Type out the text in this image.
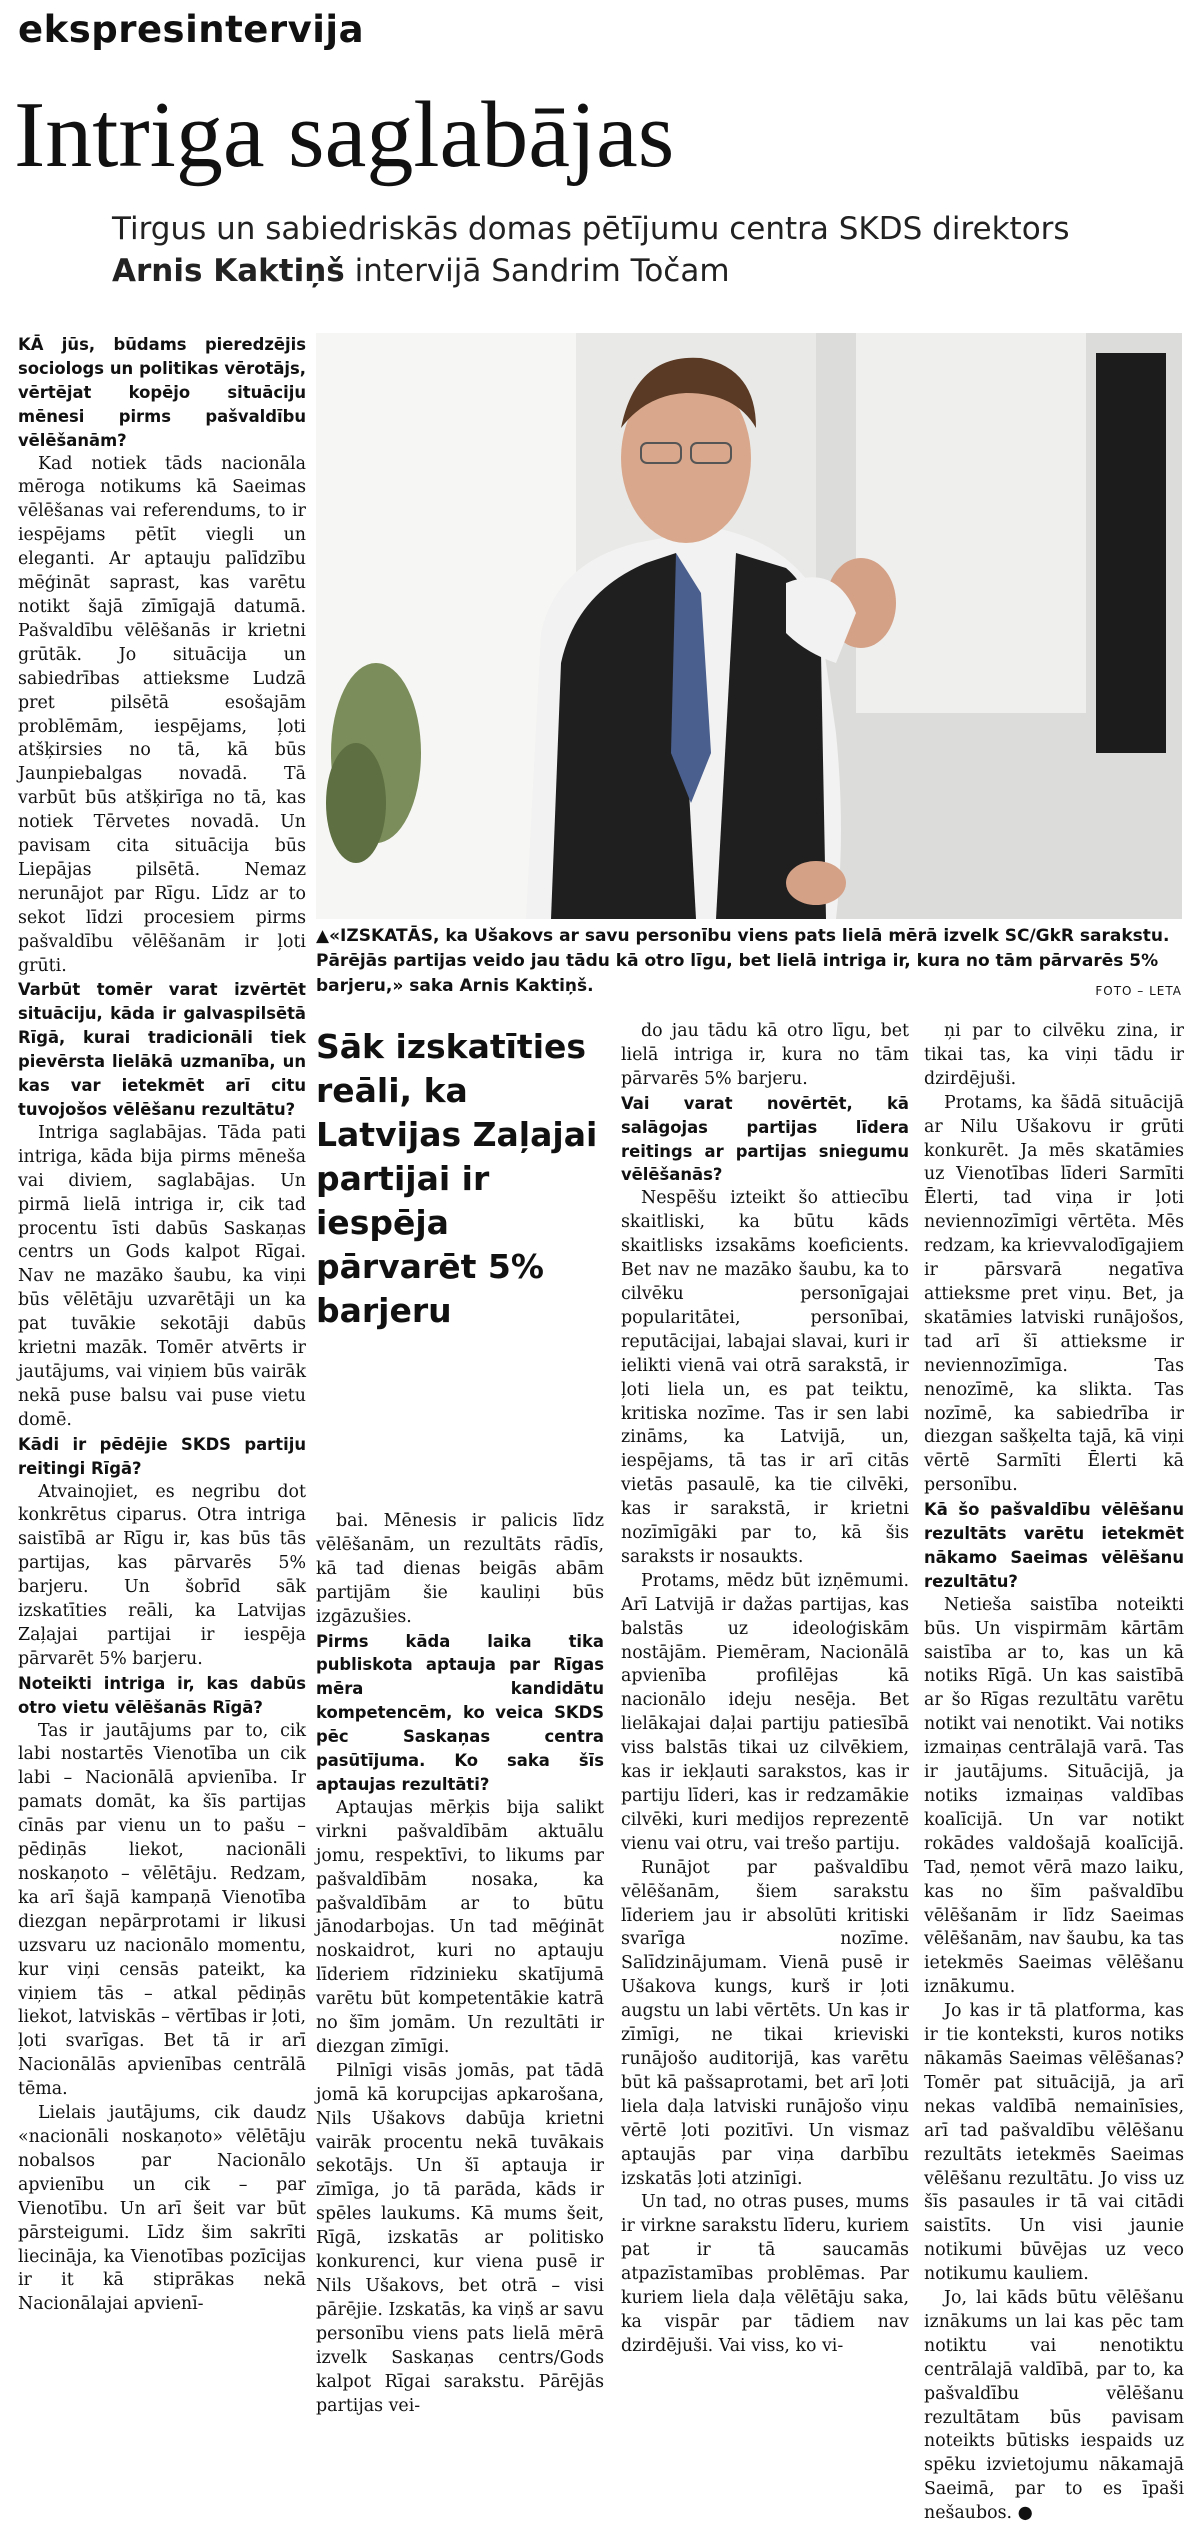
ekspresintervija
Intriga saglabājas
Tirgus un sabiedriskās domas pētījumu centra SKDS direktors
Arnis Kaktiņš intervijā Sandrim Točam
▲«IZSKATĀS, ka Ušakovs ar savu personību viens pats lielā mērā izvelk SC/GkR sarakstu. Pārējās partijas veido jau tādu kā otro līgu, bet lielā intriga ir, kura no tām pārvarēs 5% barjeru,» saka Arnis Kaktiņš.	FOTO – LETA
Sāk izskatīties reāli, ka Latvijas Zaļajai partijai ir iespēja pārvarēt 5% barjeru

KĀ jūs, būdams pieredzējis sociologs un politikas vērotājs, vērtējat kopējo situāciju mēnesi pirms pašvaldību vēlēšanām?

Kad notiek tāds nacionāla mēroga notikums kā Saeimas vēlēšanas vai referendums, to ir iespējams pētīt viegli un eleganti. Ar aptauju palīdzību mēģināt saprast, kas varētu notikt šajā zīmīgajā datumā. Pašvaldību vēlēšanās ir krietni grūtāk. Jo situācija un sabiedrības attieksme Ludzā pret pilsētā esošajām problēmām, iespējams, ļoti atšķirsies no tā, kā būs Jaunpiebalgas novadā. Tā varbūt būs atšķirīga no tā, kas notiek Tērvetes novadā. Un pavisam cita situācija būs Liepājas pilsētā. Nemaz nerunājot par Rīgu. Līdz ar to sekot līdzi procesiem pirms pašvaldību vēlēšanām ir ļoti grūti.

Varbūt tomēr varat izvērtēt situāciju, kāda ir galvaspilsētā Rīgā, kurai tradicionāli tiek pievērsta lielākā uzmanība, un kas var ietekmēt arī citu tuvojošos vēlēšanu rezultātu?

Intriga saglabājas. Tāda pati intriga, kāda bija pirms mēneša vai diviem, saglabājas. Un pirmā lielā intriga ir, cik tad procentu īsti dabūs Saskaņas centrs un Gods kalpot Rīgai. Nav ne mazāko šaubu, ka viņi būs vēlētāju uzvarētāji un ka pat tuvākie sekotāji dabūs krietni mazāk. Tomēr atvērts ir jautājums, vai viņiem būs vairāk nekā puse balsu vai puse vietu domē.

Kādi ir pēdējie SKDS partiju reitingi Rīgā?

Atvainojiet, es negribu dot konkrētus ciparus. Otra intriga saistībā ar Rīgu ir, kas būs tās partijas, kas pārvarēs 5% barjeru. Un šobrīd sāk izskatīties reāli, ka Latvijas Zaļajai partijai ir iespēja pārvarēt 5% barjeru.

Noteikti intriga ir, kas dabūs otro vietu vēlēšanās Rīgā?

Tas ir jautājums par to, cik labi nostartēs Vienotība un cik labi – Nacionālā apvienība. Ir pamats domāt, ka šīs partijas cīnās par vienu un to pašu – pēdiņās liekot, nacionāli noskaņoto – vēlētāju. Redzam, ka arī šajā kampaņā Vienotība diezgan nepārprotami ir likusi uzsvaru uz nacionālo momentu, kur viņi censās pateikt, ka viņiem tās – atkal pēdiņās liekot, latviskās – vērtības ir ļoti, ļoti svarīgas. Bet tā ir arī Nacionālās apvienības centrālā tēma.

Lielais jautājums, cik daudz «nacionāli noskaņoto» vēlētāju nobalsos par Nacionālo apvienību un cik – par Vienotību. Un arī šeit var būt pārsteigumi. Līdz šim sakrīti liecināja, ka Vienotības pozīcijas ir it kā stiprākas nekā Nacionālajai apvienī-

bai. Mēnesis ir palicis līdz vēlēšanām, un rezultāts rādīs, kā tad dienas beigās abām partijām šie kauliņi būs izgāzušies.

Pirms kāda laika tika publiskota aptauja par Rīgas mēra kandidātu kompetencēm, ko veica SKDS pēc Saskaņas centra pasūtījuma. Ko saka šīs aptaujas rezultāti?

Aptaujas mērķis bija salikt virkni pašvaldībām aktuālu jomu, respektīvi, to likums par pašvaldībām nosaka, ka pašvaldībām ar to būtu jānodarbojas. Un tad mēģināt noskaidrot, kuri no aptauju līderiem rīdzinieku skatījumā varētu būt kompetentākie katrā no šīm jomām. Un rezultāti ir diezgan zīmīgi.

Pilnīgi visās jomās, pat tādā jomā kā korupcijas apkarošana, Nils Ušakovs dabūja krietni vairāk procentu nekā tuvākais sekotājs. Un šī aptauja ir zīmīga, jo tā parāda, kāds ir spēles laukums. Kā mums šeit, Rīgā, izskatās ar politisko konkurenci, kur viena pusē ir Nils Ušakovs, bet otrā – visi pārējie. Izskatās, ka viņš ar savu personību viens pats lielā mērā izvelk Saskaņas centrs/Gods kalpot Rīgai sarakstu. Pārējās partijas vei-

do jau tādu kā otro līgu, bet lielā intriga ir, kura no tām pārvarēs 5% barjeru.

Vai varat novērtēt, kā salāgojas partijas līdera reitings ar partijas sniegumu vēlēšanās?

Nespēšu izteikt šo attiecību skaitliski, ka būtu kāds skaitlisks izsakāms koeficients. Bet nav ne mazāko šaubu, ka to cilvēku personīgajai popularitātei, personībai, reputācijai, labajai slavai, kuri ir ielikti vienā vai otrā sarakstā, ir ļoti liela un, es pat teiktu, kritiska nozīme. Tas ir sen labi zināms, ka Latvijā, un, iespējams, tā tas ir arī citās vietās pasaulē, ka tie cilvēki, kas ir sarakstā, ir krietni nozīmīgāki par to, kā šis saraksts ir nosaukts.

Protams, mēdz būt izņēmumi. Arī Latvijā ir dažas partijas, kas balstās uz ideoloģiskām nostājām. Piemēram, Nacionālā apvienība profilējas kā nacionālo ideju nesēja. Bet lielākajai daļai partiju patiesībā viss balstās tikai uz cilvēkiem, kas ir iekļauti sarakstos, kas ir partiju līderi, kas ir redzamākie cilvēki, kuri medijos reprezentē vienu vai otru, vai trešo partiju.

Runājot par pašvaldību vēlēšanām, šiem sarakstu līderiem jau ir absolūti kritiski svarīga nozīme. Salīdzinājumam. Vienā pusē ir Ušakova kungs, kurš ir ļoti augstu un labi vērtēts. Un kas ir zīmīgi, ne tikai krieviski runājošo auditorijā, kas varētu būt kā pašsaprotami, bet arī ļoti liela daļa latviski runājošo viņu vērtē ļoti pozitīvi. Un vismaz aptaujās par viņa darbību izskatās ļoti atzinīgi.

Un tad, no otras puses, mums ir virkne sarakstu līderu, kuriem pat ir tā saucamās atpazīstamības problēmas. Par kuriem liela daļa vēlētāju saka, ka vispār par tādiem nav dzirdējuši. Vai viss, ko vi-

ņi par to cilvēku zina, ir tikai tas, ka viņi tādu ir dzirdējuši.

Protams, ka šādā situācijā ar Nilu Ušakovu ir grūti konkurēt. Ja mēs skatāmies uz Vienotības līderi Sarmīti Ēlerti, tad viņa ir ļoti neviennozīmīgi vērtēta. Mēs redzam, ka krievvalodīgajiem ir pārsvarā negatīva attieksme pret viņu. Bet, ja skatāmies latviski runājošos, tad arī šī attieksme ir neviennozīmīga. Tas nenozīmē, ka slikta. Tas nozīmē, ka sabiedrība ir diezgan sašķelta tajā, kā viņi vērtē Sarmīti Ēlerti kā personību.

Kā šo pašvaldību vēlēšanu rezultāts varētu ietekmēt nākamo Saeimas vēlēšanu rezultātu?

Netieša saistība noteikti būs. Un vispirmām kārtām saistība ar to, kas un kā notiks Rīgā. Un kas saistībā ar šo Rīgas rezultātu varētu notikt vai nenotikt. Vai notiks izmaiņas centrālajā varā. Tas ir jautājums. Situācijā, ja notiks izmaiņas valdības koalīcijā. Un var notikt rokādes valdošajā koalīcijā. Tad, ņemot vērā mazo laiku, kas no šīm pašvaldību vēlēšanām ir līdz Saeimas vēlēšanām, nav šaubu, ka tas ietekmēs Saeimas vēlēšanu iznākumu.

Jo kas ir tā platforma, kas ir tie konteksti, kuros notiks nākamās Saeimas vēlēšanas? Tomēr pat situācijā, ja arī nekas valdībā nemainīsies, arī tad pašvaldību vēlēšanu rezultāts ietekmēs Saeimas vēlēšanu rezultātu. Jo viss uz šīs pasaules ir tā vai citādi saistīts. Un visi jaunie notikumi būvējas uz veco notikumu kauliem.

Jo, lai kāds būtu vēlēšanu iznākums un lai kas pēc tam notiktu vai nenotiktu centrālajā valdībā, par to, ka pašvaldību vēlēšanu rezultātam būs pavisam noteikts būtisks iespaids uz spēku izvietojumu nākamajā Saeimā, par to es īpaši nešaubos. ●
